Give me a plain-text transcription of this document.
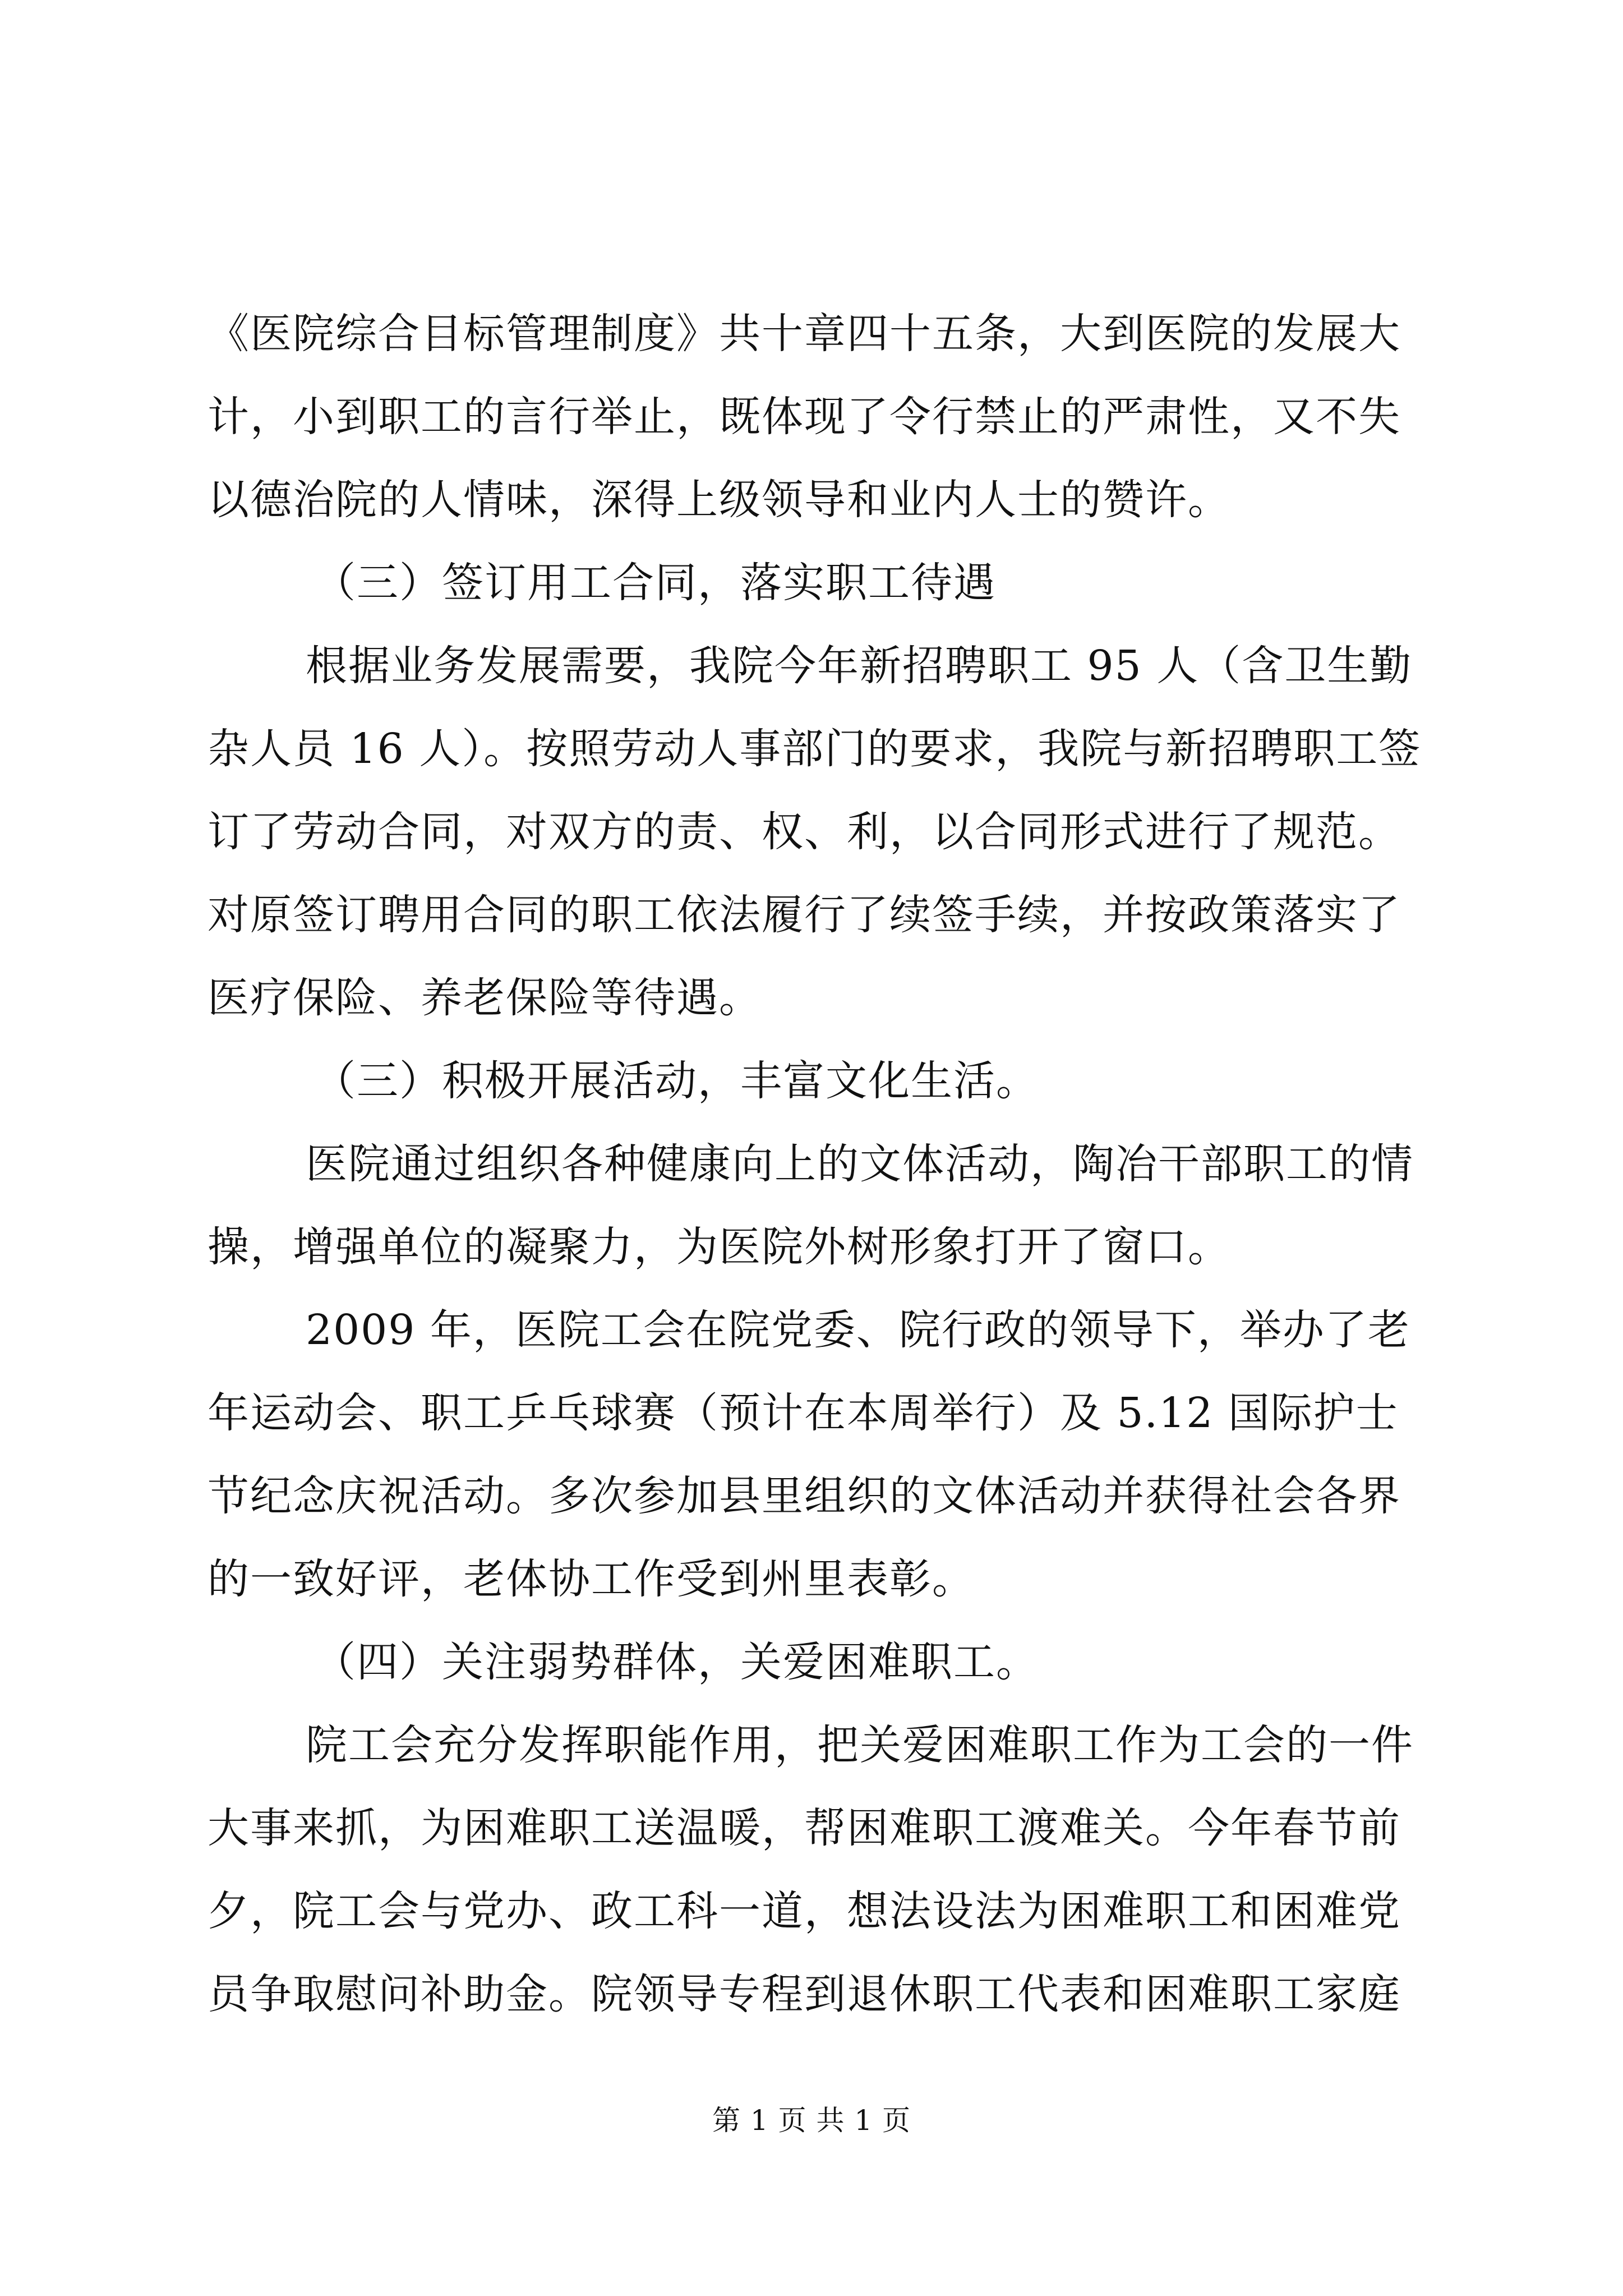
《医院综合目标管理制度》共十章四十五条，大到医院的发展大
计，小到职工的言行举止，既体现了令行禁止的严肃性，又不失
以德治院的人情味，深得上级领导和业内人士的赞许。
（三）签订用工合同，落实职工待遇
根据业务发展需要，我院今年新招聘职工 95 人（含卫生勤
杂人员 16 人）。按照劳动人事部门的要求，我院与新招聘职工签
订了劳动合同，对双方的责、权、利，以合同形式进行了规范。
对原签订聘用合同的职工依法履行了续签手续，并按政策落实了
医疗保险、养老保险等待遇。
（三）积极开展活动，丰富文化生活。
医院通过组织各种健康向上的文体活动，陶冶干部职工的情
操，增强单位的凝聚力，为医院外树形象打开了窗口。
2009 年，医院工会在院党委、院行政的领导下，举办了老
年运动会、职工乒乓球赛（预计在本周举行）及 5.12 国际护士
节纪念庆祝活动。多次参加县里组织的文体活动并获得社会各界
的一致好评，老体协工作受到州里表彰。
（四）关注弱势群体，关爱困难职工。
院工会充分发挥职能作用，把关爱困难职工作为工会的一件
大事来抓，为困难职工送温暖，帮困难职工渡难关。今年春节前
夕，院工会与党办、政工科一道，想法设法为困难职工和困难党
员争取慰问补助金。院领导专程到退休职工代表和困难职工家庭
第 1 页 共 1 页
